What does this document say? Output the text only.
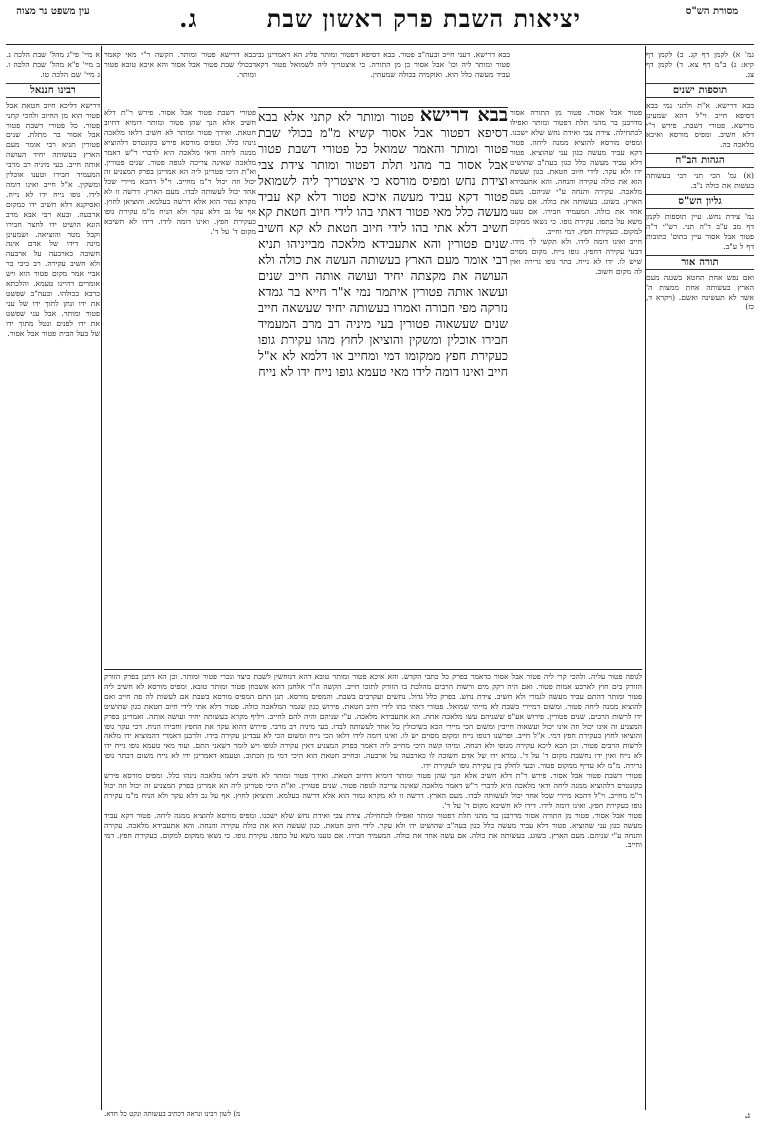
עין משפט נר מצוה	יציאות השבת פרק ראשון שבת ג.	מסורת הש"ס

בבא דרישא. דעני חייב ובעה"ב פטור. בבא דסיפא דפטור ומותר פליג הא דאמרינן גבי פטור ומותר ליה וכו' אבל אסור כן מן התורה. כי איצטריך ליה לשמואל פטור דקא עביד מעשה כלל הוא. ואוקמיה בכולה שמעתין.

בבא דרישא פטור ומותר. הקשה ר"י מאי קאמר דבכולי שבת פטור אבל אסור והא איכא טובא פטור ומותר.

בבא דרישא פטור ומותר לא קתני אלא בבא דסיפא דפטור אבל אסור קשיא מ"מ בכולי שבת פטור ומותר והאמר שמואל כל פטורי דשבת פטור אבל אסור בר מהני תלת דפטור ומותר צידת צבי וצידת נחש ומפיס מורסא כי איצטריך ליה לשמואל פטור דקא עביד מעשה איכא פטור דלא קא עביד מעשה כלל מאי פטור דאתי בהו לידי חיוב חטאת קא חשיב דלא אתי בהו לידי חיוב חטאת לא קא חשיב שנים פטורין והא אתעבידא מלאכה מבייניהו תניא רבי אומר מעם הארץ בעשותה העשה את כולה ולא העושה את מקצתה יחיד ועושה אותה חייב שנים ועשאו אותה פטורין איתמר נמי א"ר חייא בר גמדא נזרקה מפי חבורה ואמרו בעשותה יחיד שעשאה חייב שנים שעשאוה פטורין בעי מיניה רב מרב המעמיד חבירו אוכלין ומשקין והוציאן לחוץ מהו עקירת גופו כעקירת חפץ ממקומו דמי ומחייב או דלמא לא א"ל חייב ואינו דומה לידו מאי טעמא גופו נייח ידו לא נייח

פטור אבל אסור. פטור מן התורה אסור מדרבנן בר מהני תלת דפטור ומותר ואפילו לכתחילה. צידת צבי ואידת נחש שלא ישכנו. ומפיס מורסא להוציא ממנה ליחה. פטור דקא עביד מעשה כגון עני שהוציא. פטור דלא עביד מעשה כלל כגון בעה"ב שהושיט ידו ולא עקר. לידי חיוב חטאת. כגון שעשה הוא את כולה עקירה והנחה. והא אתעבידא מלאכה. עקירה והנחה ע"י שניהם. מעם הארץ. בשוגג. בעשותה את כולה. אם עשה אחד את כולה. המעמיד חבירו. אם טענו משא על כתפו. עקירת גופו. כי נשאו ממקום למקום. כעקירת חפץ. דמי וחייב.

חייב ואינו דומה לידו. ולא תקשי לך מידו. דבעי עקירה דחפץ. גופו נייח. מקום מסוים שיש לו. ידו לא נייח. בתר גופו גרירה ואין לה מקום חשוב.

פטורי דשבת פטור אבל אסור. פירש ר"ת דלא חשיב אלא הנך שהן פטור ומותר דומיא דחיוב חטאת. ואידך פטור ומותר לא חשיב דלאו מלאכה נינהו כלל. ומפיס מורסא פירש בקונטרס דלהוציא ממנה ליחה ודאי מלאכה היא לדברי ר"ש דאמר מלאכה שאינה צריכה לגופה פטור. שנים פטורין. וא"ת היכי פטרינן ליה הא אמרינן בפרק המצניע זה יכול וזה יכול ר"מ מחייב. וי"ל דהכא מיירי שכל אחד יכול לעשותה לבדו. מעם הארץ. דרשה זו לא מקרא גמור הוא אלא דרשה בעלמא. והוציאן לחוץ. אף על גב דלא עקר ולא הניח מ"מ עקירת גופו כעקירת חפץ. ואינו דומה לידו. דידו לא חשיבא מקום ד' על ד'.

לגופה פטור עליה. ולהכי קרי ליה פטור אבל אסור כדאמר בפרק כל כתבי הקדש. והא איכא פטור ומותר טובא דהא דנוחשין לשבת כיצד ונכרי פטור ומותר. וכן הא דתנן בפרק הזורק הזורק בים חוץ לארבע אמות פטור. ואם היה רקק מים ורשות הרבים מהלכת בו הזורק לתוכו חייב. הקשה ה"ר אלחנן דהא אשכחן פטור ומותר טובא. ומפיס מורסא לא חשיב ליה פטור ומותר דהתם עביד מעשה לגמרי ולא חשיב. צידת נחש. בפרק כלל גדול. נחשים ועקרבים בשבת. והמפיס מורסא. תנן התם המפיס מורסא בשבת אם לעשות לה פה חייב ואם להוציא ממנה ליחה פטור. ומשום דמיירי בשבת לא מייתי שמואל. פטורי דאתי בהו לידי חיוב חטאת. פירוש כגון שגמר המלאכה כולה. פטור דלא אתי לידי חיוב חטאת כגון שהושיט ידו לרשות הרבים. שנים פטורין. פירוש אע"פ ששניהם עשו מלאכה אחת. הא אתעבידא מלאכה. ע"י שניהם והיה להם לחייב. ויליף מקרא בעשותה יחיד ועושה אותה. ואמרינן בפרק המצניע זה אינו יכול וזה אינו יכול ועשאוה חייבין ומשום הכי מיירי הכא בשיכולין כל אחד לעשותה לבדו. בעי מיניה רב מרבי. פירוש דהוא עקר את החפץ וחבירו הניח. דכי עקר גופו והוציאו לחוץ כעקירת חפץ דמי. א"ל חייב. ופרשנו דגופו נייח ומקום מסוים יש לו. ואינו דומה לידו דלאו הכי נייח ומשום הכי לא עבדינן עקירה בידו. ולרבנן דאמרי דהמוציא ידו מלאה לרשות הרבים פטור. וכן הכא ליכא עקירה מגופו ולא הנחה. ומיהו קשה היכי מחייב ליה דאמר בפרק המצניע דאין עקירה לגופו ויש לומר דשאני התם. ועוד מאי טעמא גופו נייח ידו לא נייח ואין ידו נחשבת מקום ד' על ד'. גמרא ידו של אדם חשובה לו כארבעה על ארבעה. ובחייב חטאת הוא היכי דמי מן הכתוב. וטעמא דאמרינן ידו לא נייח משום דבתר גופו גרירה. מ"מ לא עדיף ממקום פטור. ובעי לחלק בין עקירת גופו לעקירת ידו.

פטורי דשבת פטור אבל אסור. פירש ר"ת דלא חשיב אלא הנך שהן פטור ומותר דומיא דחיוב חטאת. ואידך פטור ומותר לא חשיב דלאו מלאכה נינהו כלל. ומפיס מורסא פירש בקונטרס דלהוציא ממנה ליחה ודאי מלאכה היא לדברי ר"ש דאמר מלאכה שאינה צריכה לגופה פטור. שנים פטורין. וא"ת היכי פטרינן ליה הא אמרינן בפרק המצניע זה יכול וזה יכול ר"מ מחייב. וי"ל דהכא מיירי שכל אחד יכול לעשותה לבדו. מעם הארץ. דרשה זו לא מקרא גמור הוא אלא דרשה בעלמא. והוציאן לחוץ. אף על גב דלא עקר ולא הניח מ"מ עקירת גופו כעקירת חפץ. ואינו דומה לידו. דידו לא חשיבא מקום ד' על ד'.

פטור אבל אסור. פטור מן התורה אסור מדרבנן בר מהני תלת דפטור ומותר ואפילו לכתחילה. צידת צבי ואידת נחש שלא ישכנו. ומפיס מורסא להוציא ממנה ליחה. פטור דקא עביד מעשה כגון עני שהוציא. פטור דלא עביד מעשה כלל כגון בעה"ב שהושיט ידו ולא עקר. לידי חיוב חטאת. כגון שעשה הוא את כולה עקירה והנחה. והא אתעבידא מלאכה. עקירה והנחה ע"י שניהם. מעם הארץ. בשוגג. בעשותה את כולה. אם עשה אחד את כולה. המעמיד חבירו. אם טענו משא על כתפו. עקירת גופו. כי נשאו ממקום למקום. כעקירת חפץ. דמי וחייב.

גמ' א) לקמן דף קג. ב) לקמן דף קיא: ג) ב"מ דף צא. ד) לקמן דף צג.

תוספות ישנים

בבא דרישא. א"ת ולתני נמי בבא דסיפא חייב וי"ל דהא שמעינן מרישא. פטורי דשבת. פירש ר"י דלא חשיב. ומפיס מורסא ואיכא מלאכה בה.

הגהות הב"ח

(א) גמ' הכי תני רבי בעשותה בעשות את כולה נ"ב.

גליון הש"ס

גמ' צידת נחש. עיין תוספות לקמן דף מב ע"ב ד"ה תני. רש"י ד"ה פטור אבל אסור עיין בתוס' כתובות דף ל ע"ב.

תורה אור

ואם נפש אחת תחטא בשגגה מעם הארץ בעשותה אחת ממצות ה' אשר לא תעשינה ואשם. (ויקרא ד, כז)

א מיי' פי"ג מהל' שבת הלכה ג. ב מיי' פ"א מהל' שבת הלכה ו. ג מיי' שם הלכה טו.

רבינו חננאל

דרישא דליכא חיוב חטאת אבל פטור הוא מן החיוב ולהכי קתני פטור. כל פטורי דשבת פטור אבל אסור בר מתלת. שנים פטורין תניא רבי אומר מעם הארץ בעשותה יחיד העושה אותה חייב. בעי מיניה רב מרבי המעמיד חבירו וטענו אוכלין ומשקין. א"ל חייב ואינו דומה לידו. גופו נייח ידו לא נייח. ואסיקנא דלא חשיב ידו כמקום ארבעה. ובעא רבי אבא מרב הונא הושיט ידו לחצר חבירו וקבל מטר והוציאה. ושמעינן מינה דידו של אדם אינה חשובה כארבעה על ארבעה ולא חשיב עקירה. רב ביבי בר אביי אמר מקום פטור הוא ויש אומרים דהיינו טעמא. והלכתא כרבא בכולהו. ובעה"ב שפשט את ידו ונתן לתוך ידו של עני פטור ומותר. אבל עני שפשט את ידו לפנים ונטל מתוך ידו של בעל הבית פטור אבל אסור.

מ) לשון רבינו ונראה דכתיב בעשותה ונקט כל חדא.	ג.
